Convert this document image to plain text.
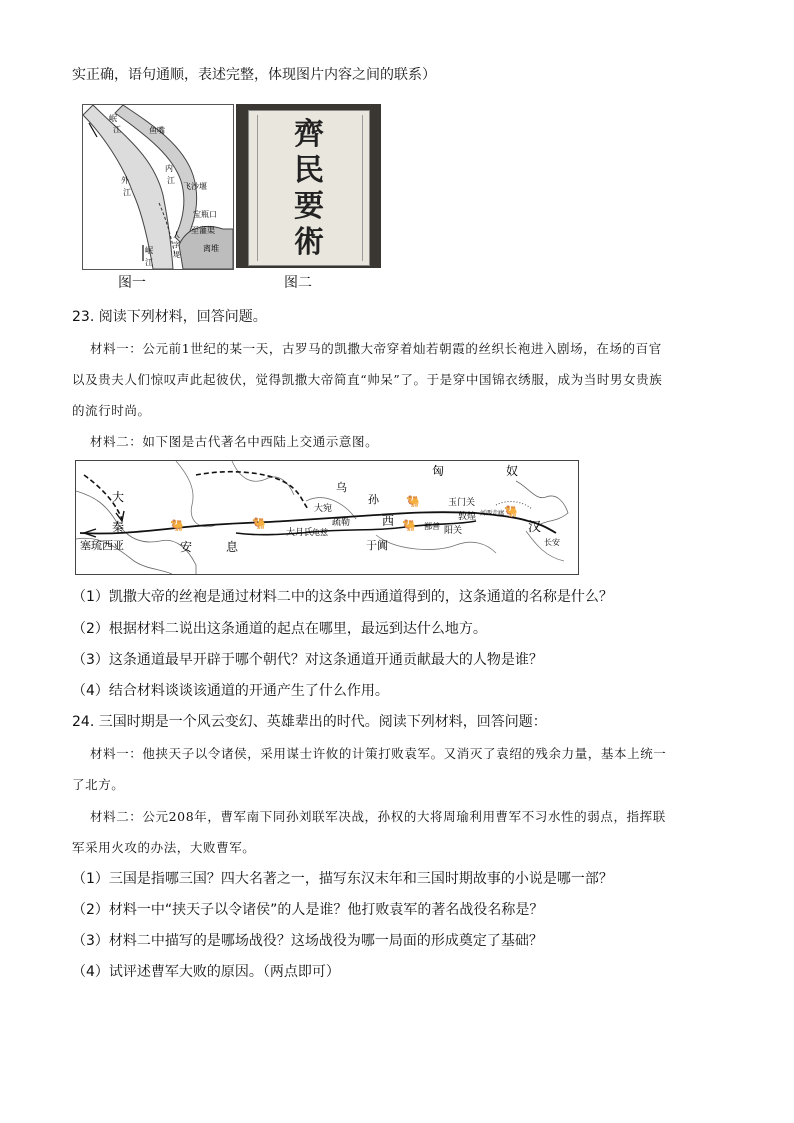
实正确，语句通顺，表述完整，体现图片内容之间的联系）
岷
江	鱼嘴
外
江
内
江
飞沙堰
宝瓶口
至灌渠
离堆
人
字
堤
岷
江
图一
齊
民
要
術
图二
23. 阅读下列材料，回答问题。
材料一：公元前1世纪的某一天，古罗马的凯撒大帝穿着灿若朝霞的丝织长袍进入剧场，在场的百官
以及贵夫人们惊叹声此起彼伏，觉得凯撒大帝简直“帅呆”了。于是穿中国锦衣绣服，成为当时男女贵族
的流行时尚。
材料二：如下图是古代著名中西陆上交通示意图。
🐫	🐫
🐫
🐫
🐫
匈	奴
大
秦
乌
孙
大宛
疏勒	西
玉门关
敦煌 河西走廊
阳关
鄯善
大月氏
龟兹
于阗
汉
长安
塞琉西亚	安	息
（1）凯撒大帝的丝袍是通过材料二中的这条中西通道得到的，这条通道的名称是什么？
（2）根据材料二说出这条通道的起点在哪里，最远到达什么地方。
（3）这条通道最早开辟于哪个朝代？对这条通道开通贡献最大的人物是谁？
（4）结合材料谈谈该通道的开通产生了什么作用。
24. 三国时期是一个风云变幻、英雄辈出的时代。阅读下列材料，回答问题：
材料一：他挟天子以令诸侯，采用谋士许攸的计策打败袁军。又消灭了袁绍的残余力量，基本上统一
了北方。
材料二：公元208年，曹军南下同孙刘联军决战，孙权的大将周瑜利用曹军不习水性的弱点，指挥联
军采用火攻的办法，大败曹军。
（1）三国是指哪三国？四大名著之一，描写东汉末年和三国时期故事的小说是哪一部？
（2）材料一中“挟天子以令诸侯”的人是谁？他打败袁军的著名战役名称是？
（3）材料二中描写的是哪场战役？这场战役为哪一局面的形成奠定了基础？
（4）试评述曹军大败的原因。（两点即可）
